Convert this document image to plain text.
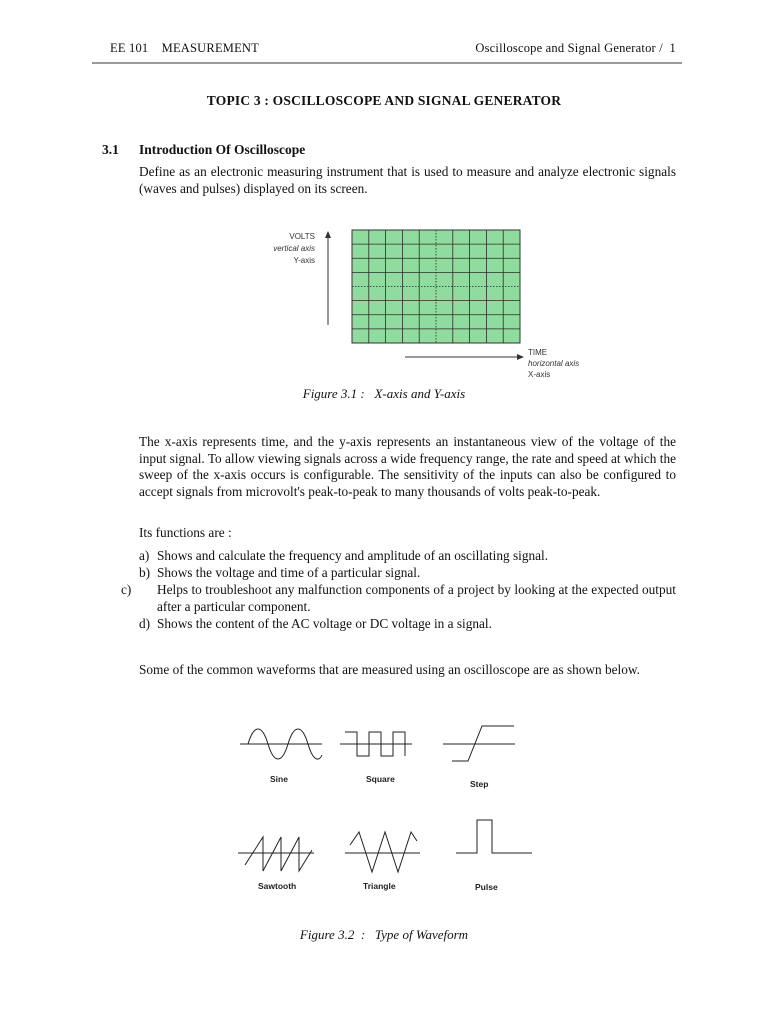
EE 101    MEASUREMENT	Oscilloscope and Signal Generator /  1
TOPIC 3 : OSCILLOSCOPE AND SIGNAL GENERATOR
3.1 Introduction Of Oscilloscope
Define as an electronic measuring instrument that is used to measure and analyze electronic signals (waves and pulses) displayed on its screen.
VOLTS
vertical axis
Y-axis
TIME
horizontal axis
X-axis
Figure 3.1 :   X-axis and Y-axis
The x-axis represents time, and the y-axis represents an instantaneous view of the voltage of the input signal. To allow viewing signals across a wide frequency range, the rate and speed at which the sweep of the x-axis occurs is configurable. The sensitivity of the inputs can also be configured to accept signals from microvolt's peak-to-peak to many thousands of volts peak-to-peak.
Its functions are :
a) Shows and calculate the frequency and amplitude of an oscillating signal.
b) Shows the voltage and time of a particular signal.
c) Helps to troubleshoot any malfunction components of a project by looking at the expected output after a particular component.
d) Shows the content of the AC voltage or DC voltage in a signal.
Some of the common waveforms that are measured using an oscilloscope are as shown below.
Sine	Square	Step
Sawtooth	Triangle	Pulse
Figure 3.2  :   Type of Waveform
